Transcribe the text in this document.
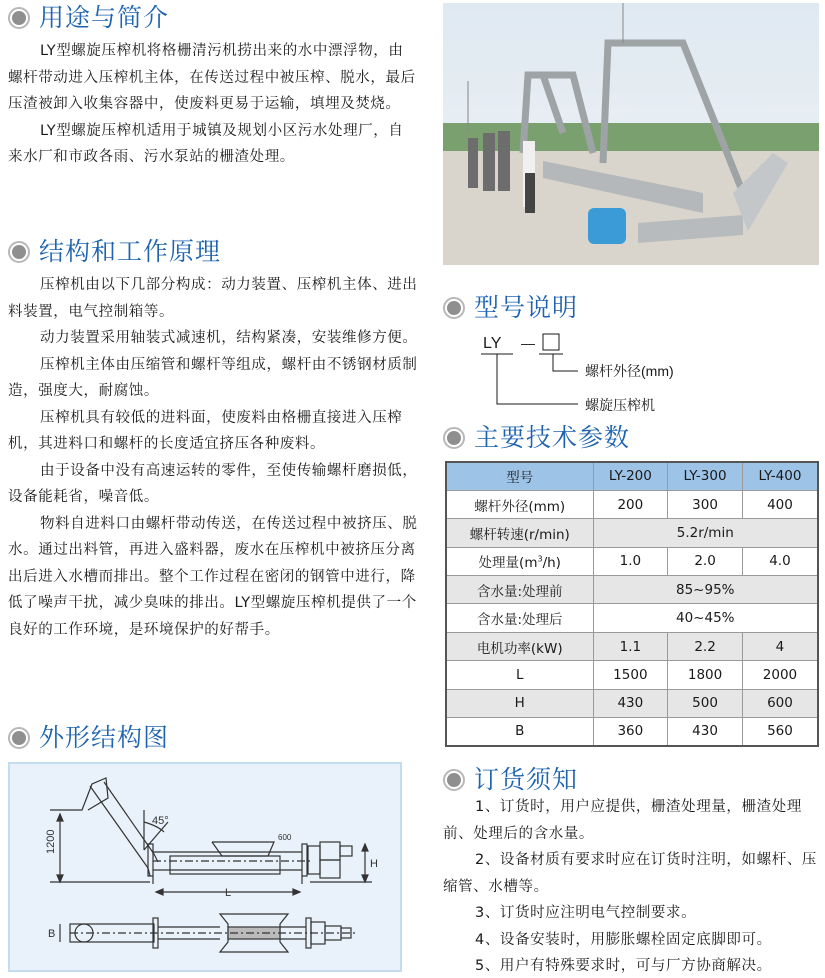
用途与简介

LY型螺旋压榨机将格栅清污机捞出来的水中漂浮物，由螺杆带动进入压榨机主体，在传送过程中被压榨、脱水，最后压渣被卸入收集容器中，使废料更易于运输，填埋及焚烧。

LY型螺旋压榨机适用于城镇及规划小区污水处理厂，自来水厂和市政各雨、污水泵站的栅渣处理。

结构和工作原理

压榨机由以下几部分构成：动力装置、压榨机主体、进出料装置，电气控制箱等。

动力装置采用轴装式减速机，结构紧凑，安装维修方便。

压榨机主体由压缩管和螺杆等组成，螺杆由不锈钢材质制造，强度大，耐腐蚀。

压榨机具有较低的进料面，使废料由格栅直接进入压榨机，其进料口和螺杆的长度适宜挤压各种废料。

由于设备中没有高速运转的零件，至使传输螺杆磨损低，设备能耗省，噪音低。

物料自进料口由螺杆带动传送，在传送过程中被挤压、脱水。通过出料管，再进入盛料器，废水在压榨机中被挤压分离出后进入水槽而排出。整个工作过程在密闭的钢管中进行，降低了噪声干扰，减少臭味的排出。LY型螺旋压榨机提供了一个良好的工作环境，是环境保护的好帮手。

外形结构图
1200
45°
600
L
H
B
型号说明
LY —
螺杆外径(mm)
螺旋压榨机
主要技术参数
型号	LY-200	LY-300	LY-400
螺杆外径(mm)	200	300	400
螺杆转速(r/min)	5.2r/min		
处理量$(m^3/h)$	1.0	2.0	4.0
含水量:处理前	85~95%		
含水量:处理后	40~45%		
电机功率(kW)	1.1	2.2	4
L	1500	1800	2000
H	430	500	600
B	360	430	560
订货须知

1、订货时，用户应提供，栅渣处理量，栅渣处理前、处理后的含水量。

2、设备材质有要求时应在订货时注明，如螺杆、压缩管、水槽等。

3、订货时应注明电气控制要求。

4、设备安装时，用膨胀螺栓固定底脚即可。

5、用户有特殊要求时，可与厂方协商解决。
